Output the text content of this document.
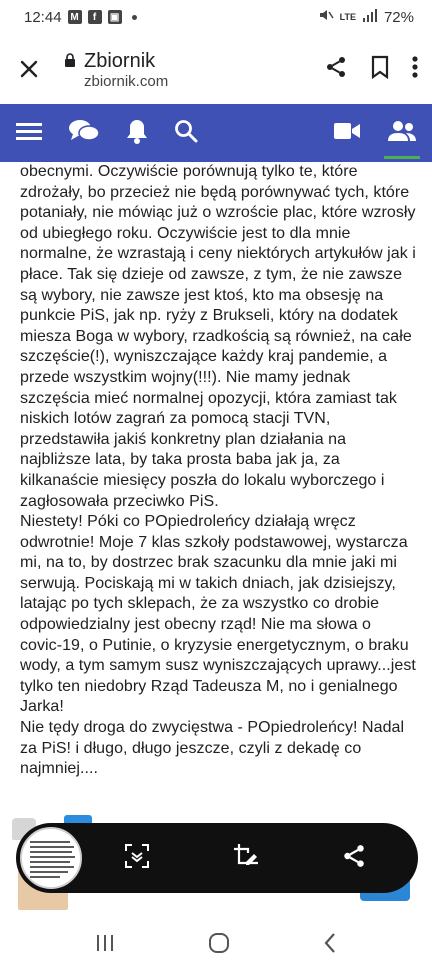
12:44 M	f	▣	LTE 72%
Zbiornik
zbiornik.com

obecnymi. Oczywiście porównują tylko te, które zdrożały, bo przecież nie będą porównywać tych, które potaniały, nie mówiąc już o wzroście plac, które wzrosły od ubiegłego roku. Oczywiście jest to dla mnie normalne, że wzrastają i ceny niektórych artykułów jak i płace. Tak się dzieje od zawsze, z tym, że nie zawsze są wybory, nie zawsze jest ktoś, kto ma obsesję na punkcie PiS, jak np. ryży z Brukseli, który na dodatek miesza Boga w wybory, rzadkością są również, na całe szczęście(!), wyniszczające każdy kraj pandemie, a przede wszystkim wojny(!!!). Nie mamy jednak szczęścia mieć normalnej opozycji, która zamiast tak niskich lotów zagrań za pomocą stacji TVN, przedstawiła jakiś konkretny plan działania na najbliższe lata, by taka prosta baba jak ja, za kilkanaście miesięcy poszła do lokalu wyborczego i zagłosowała przeciwko PiS.

Niestety! Póki co POpiedroleńcy działają wręcz odwrotnie! Moje 7 klas szkoły podstawowej, wystarcza mi, na to, by dostrzec brak szacunku dla mnie jaki mi serwują. Pociskają mi w takich dniach, jak dzisiejszy, latając po tych sklepach, że za wszystko co drobie odpowiedzialny jest obecny rząd! Nie ma słowa o covic-19, o Putinie, o kryzysie energetycznym, o braku wody, a tym samym susz wyniszczających uprawy...jest tylko ten niedobry Rząd Tadeusza M, no i genialnego Jarka!

Nie tędy droga do zwycięstwa - POpiedroleńcy! Nadal za PiS! i długo, długo jeszcze, czyli z dekadę co najmniej....
